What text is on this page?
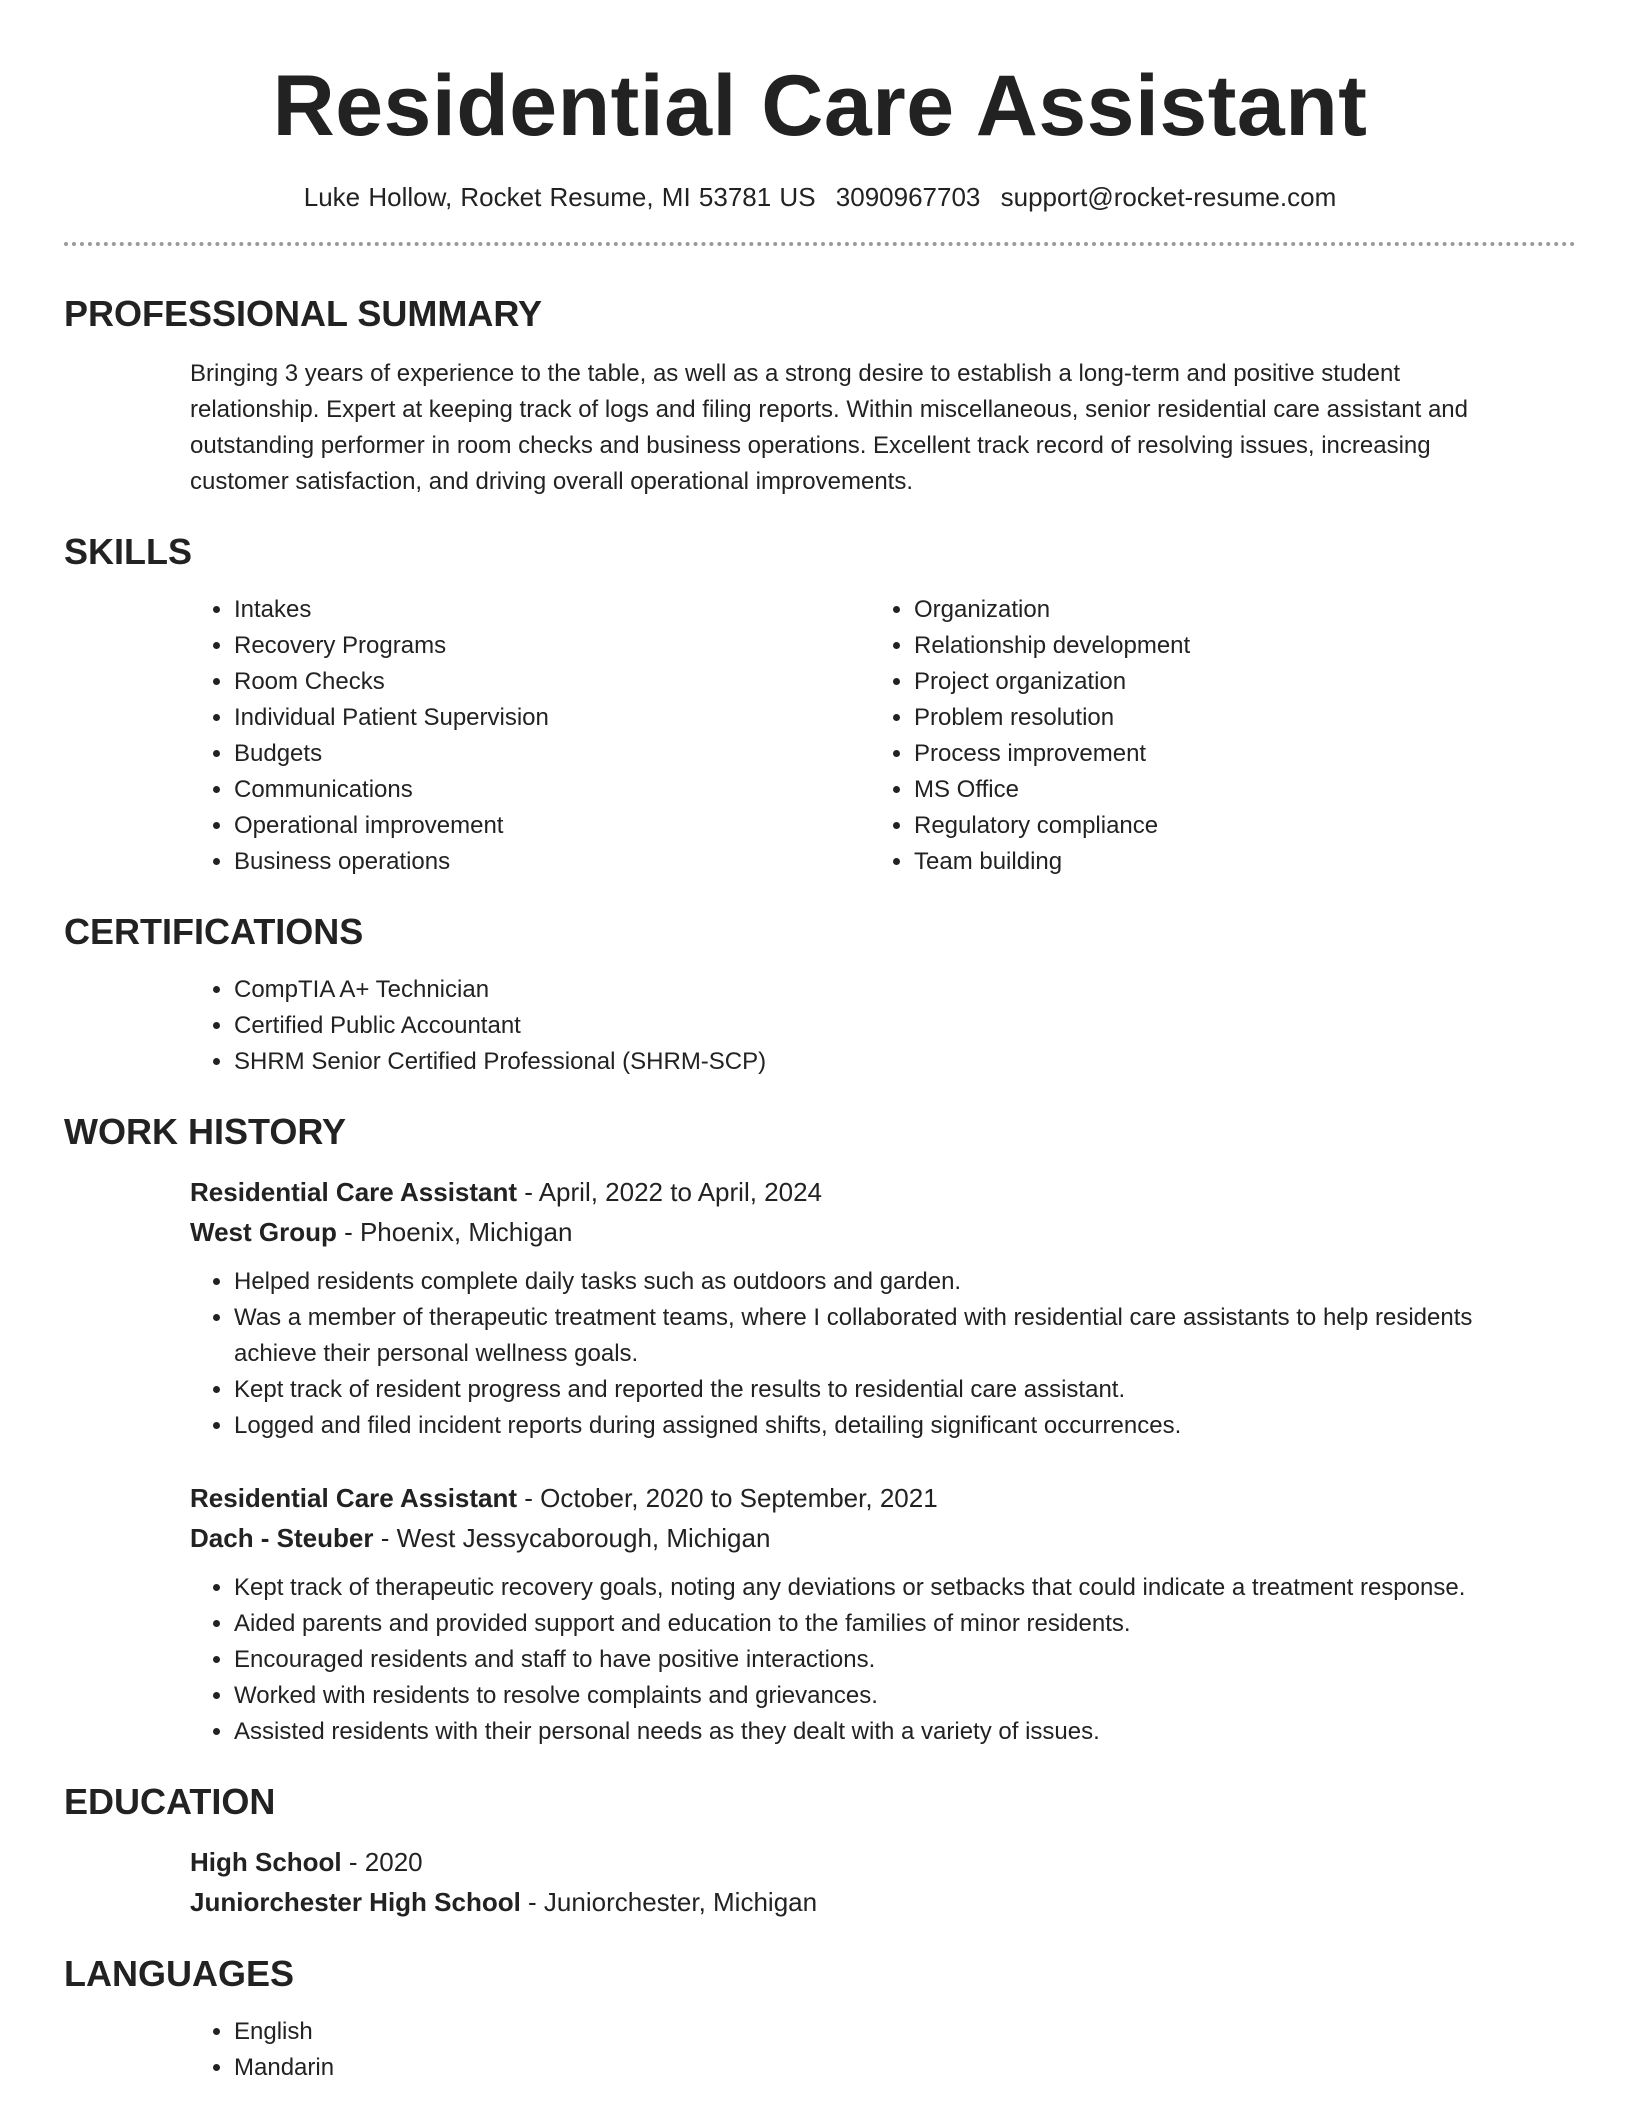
Residential Care Assistant
Luke Hollow, Rocket Resume, MI 53781 US 3090967703 support@rocket-resume.com
PROFESSIONAL SUMMARY

Bringing 3 years of experience to the table, as well as a strong desire to establish a long-term and positive student relationship. Expert at keeping track of logs and filing reports. Within miscellaneous, senior residential care assistant and outstanding performer in room checks and business operations. Excellent track record of resolving issues, increasing customer satisfaction, and driving overall operational improvements.

SKILLS
• Intakes
• Recovery Programs
• Room Checks
• Individual Patient Supervision
• Budgets
• Communications
• Operational improvement
• Business operations
• Organization
• Relationship development
• Project organization
• Problem resolution
• Process improvement
• MS Office
• Regulatory compliance
• Team building
CERTIFICATIONS
• CompTIA A+ Technician
• Certified Public Accountant
• SHRM Senior Certified Professional (SHRM-SCP)
WORK HISTORY
Residential Care Assistant - April, 2022 to April, 2024
West Group - Phoenix, Michigan
• Helped residents complete daily tasks such as outdoors and garden.
• Was a member of therapeutic treatment teams, where I collaborated with residential care assistants to help residents achieve their personal wellness goals.
• Kept track of resident progress and reported the results to residential care assistant.
• Logged and filed incident reports during assigned shifts, detailing significant occurrences.
Residential Care Assistant - October, 2020 to September, 2021
Dach - Steuber - West Jessycaborough, Michigan
• Kept track of therapeutic recovery goals, noting any deviations or setbacks that could indicate a treatment response.
• Aided parents and provided support and education to the families of minor residents.
• Encouraged residents and staff to have positive interactions.
• Worked with residents to resolve complaints and grievances.
• Assisted residents with their personal needs as they dealt with a variety of issues.
EDUCATION
High School - 2020
Juniorchester High School - Juniorchester, Michigan
LANGUAGES
• English
• Mandarin
